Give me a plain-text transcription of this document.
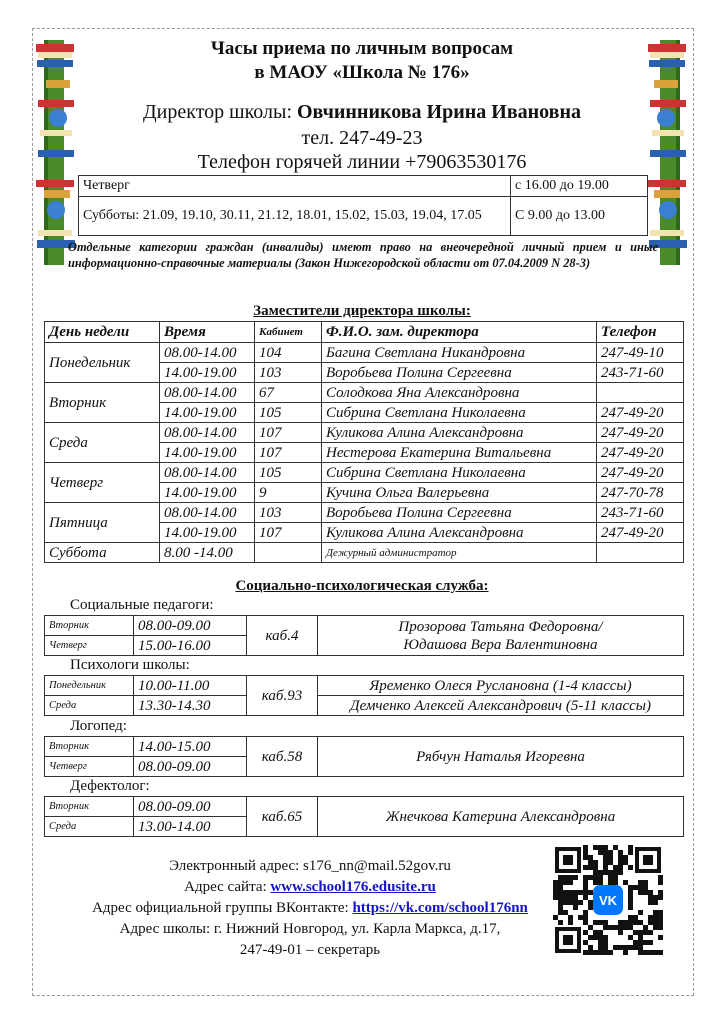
Часы приема по личным вопросам
в МАОУ «Школа № 176»
Директор школы: Овчинникова Ирина Ивановна
тел. 247-49-23
Телефон горячей линии +79063530176
Четверг	с 16.00 до 19.00
Субботы: 21.09, 19.10, 30.11, 21.12, 18.01, 15.02, 15.03, 19.04, 17.05	С 9.00 до 13.00
Отдельные категории граждан (инвалиды) имеют право на внеочередной личный прием и иные информационно-справочные материалы (Закон Нижегородской области от 07.04.2009 N 28-3)
Заместители директора школы:
День недели	Время	Кабинет	Ф.И.О. зам. директора	Телефон
Понедельник	08.00-14.00	104	Багина Светлана Никандровна	247-49-10
	14.00-19.00	103	Воробьева Полина Сергеевна	243-71-60
Вторник	08.00-14.00	67	Солодкова Яна Александровна	
	14.00-19.00	105	Сибрина Светлана Николаевна	247-49-20
Среда	08.00-14.00	107	Куликова Алина Александровна	247-49-20
	14.00-19.00	107	Нестерова Екатерина Витальевна	247-49-20
Четверг	08.00-14.00	105	Сибрина Светлана Николаевна	247-49-20
	14.00-19.00	9	Кучина Ольга Валерьевна	247-70-78
Пятница	08.00-14.00	103	Воробьева Полина Сергеевна	243-71-60
	14.00-19.00	107	Куликова Алина Александровна	247-49-20
Суббота	8.00 -14.00		Дежурный администратор	
Социально-психологическая служба:
Социальные педагоги:
Вторник	08.00-09.00	каб.4	Прозорова Татьяна Федоровна/
Юдашова Вера Валентиновна

Четверг	15.00-16.00		
Психологи школы:
Понедельник	10.00-11.00	каб.93	Яременко Олеся Руслановна (1-4 классы)
Среда	13.30-14.30		Демченко Алексей Александрович (5-11 классы)
Логопед:
Вторник	14.00-15.00	каб.58	Рябчун Наталья Игоревна

Четверг	08.00-09.00		
Дефектолог:
Вторник	08.00-09.00	каб.65	Жнечкова Катерина Александровна

Среда	13.00-14.00		
Электронный адрес: s176_nn@mail.52gov.ru
Адрес сайта: www.school176.edusite.ru
Адрес официальной группы ВКонтакте: https://vk.com/school176nn
Адрес школы: г. Нижний Новгород, ул. Карла Маркса, д.17,
247-49-01 – секретарь
VK
